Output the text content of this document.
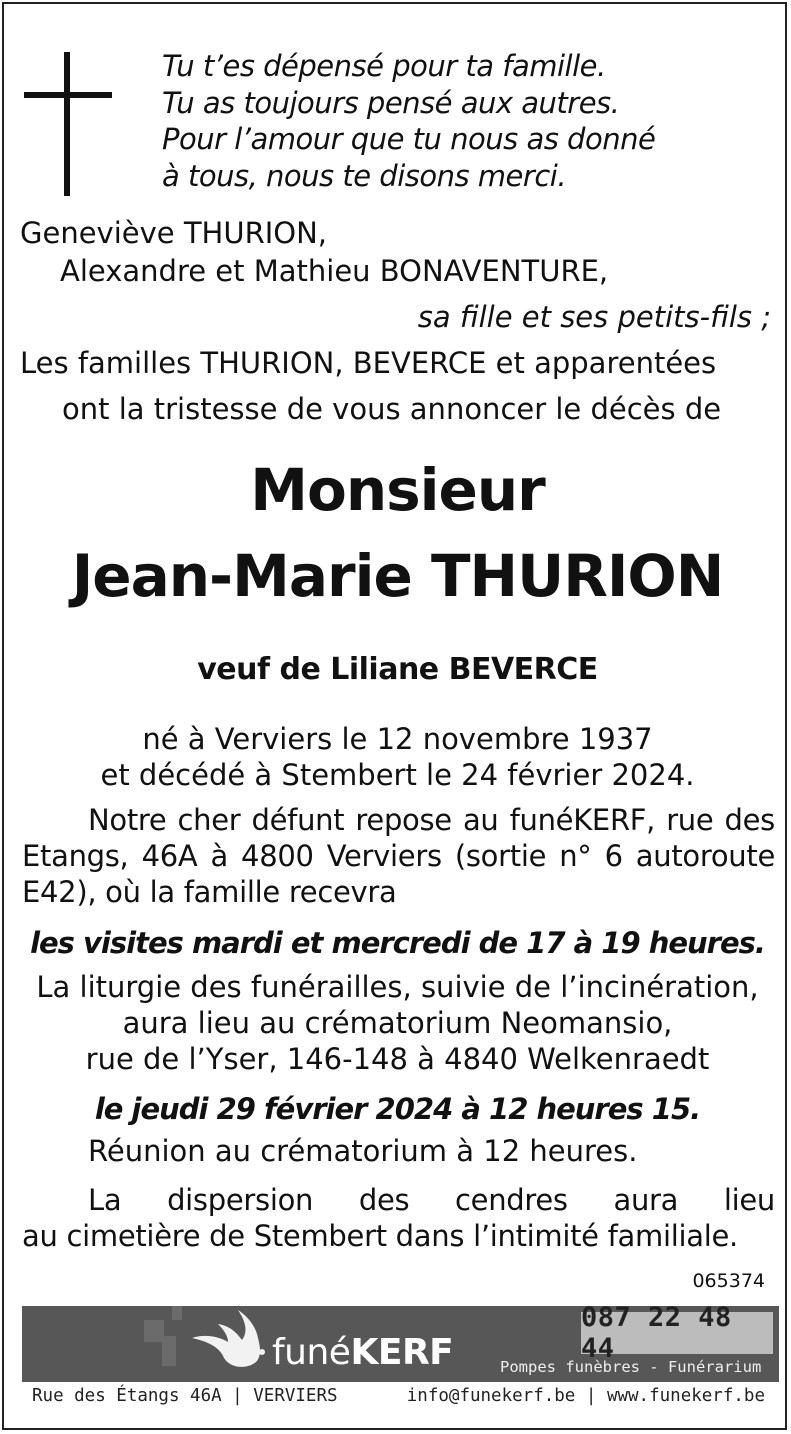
Tu t’es dépensé pour ta famille.
Tu as toujours pensé aux autres.
Pour l’amour que tu nous as donné
à tous, nous te disons merci.
Geneviève THURION,
Alexandre et Mathieu BONAVENTURE,
sa fille et ses petits-fils ;
Les familles THURION, BEVERCE et apparentées
ont la tristesse de vous annoncer le décès de
Monsieur
Jean-Marie THURION
veuf de Liliane BEVERCE
né à Verviers le 12 novembre 1937
et décédé à Stembert le 24 février 2024.
Notre cher défunt repose au funéKERF, rue des
Etangs, 46A à 4800 Verviers (sortie n° 6 autoroute
E42), où la famille recevra
les visites mardi et mercredi de 17 à 19 heures.
La liturgie des funérailles, suivie de l’incinération,
aura lieu au crématorium Neomansio,
rue de l’Yser, 146-148 à 4840 Welkenraedt
le jeudi 29 février 2024 à 12 heures 15.
Réunion au crématorium à 12 heures.
La dispersion des cendres aura lieu
au cimetière de Stembert dans l’intimité familiale.
065374
funéKERF
087 22 48 44
Pompes funèbres - Funérarium
Rue des Étangs 46A | VERVIERS	info@funekerf.be | www.funekerf.be
